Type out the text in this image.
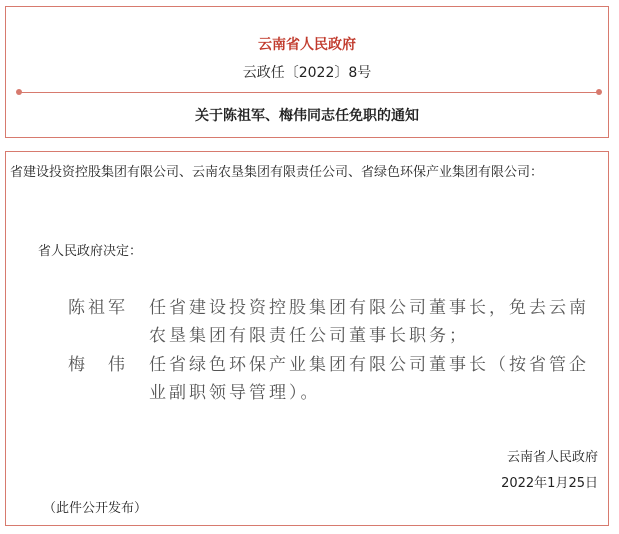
云南省人民政府
云政任〔2022〕8号
关于陈祖军、梅伟同志任免职的通知
省建设投资控股集团有限公司、云南农垦集团有限责任公司、省绿色环保产业集团有限公司：
省人民政府决定：
陈祖军 任省建设投资控股集团有限公司董事长，免去云南农垦集团有限责任公司董事长职务；
梅　伟 任省绿色环保产业集团有限公司董事长（按省管企业副职领导管理）。
云南省人民政府
2022年1月25日
（此件公开发布）
